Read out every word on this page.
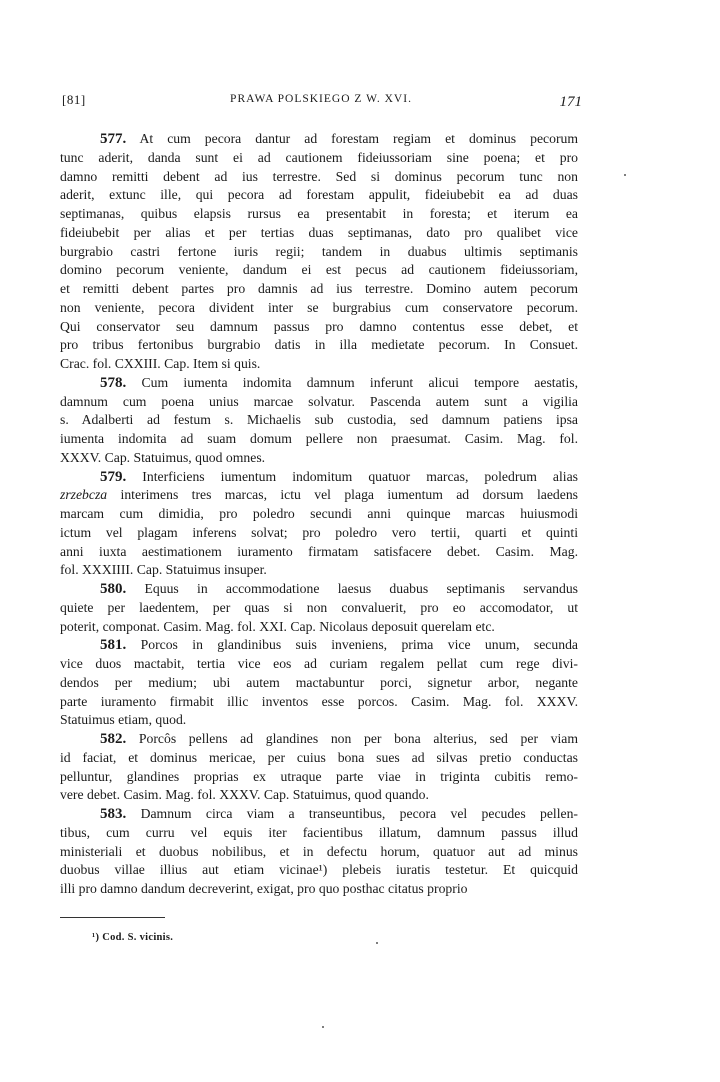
[81]	PRAWA POLSKIEGO Z W. XVI.	171
577. At cum pecora dantur ad forestam regiam et dominus pecorum
tunc aderit, danda sunt ei ad cautionem fideiussoriam sine poena; et pro
damno remitti debent ad ius terrestre. Sed si dominus pecorum tunc non
aderit, extunc ille, qui pecora ad forestam appulit, fideiubebit ea ad duas
septimanas, quibus elapsis rursus ea presentabit in foresta; et iterum ea
fideiubebit per alias et per tertias duas septimanas, dato pro qualibet vice
burgrabio castri fertone iuris regii; tandem in duabus ultimis septimanis
domino pecorum veniente, dandum ei est pecus ad cautionem fideiussoriam,
et remitti debent partes pro damnis ad ius terrestre. Domino autem pecorum
non veniente, pecora divident inter se burgrabius cum conservatore pecorum.
Qui conservator seu damnum passus pro damno contentus esse debet, et
pro tribus fertonibus burgrabio datis in illa medietate pecorum. In Consuet.
Crac. fol. CXXIII. Cap. Item si quis.
578. Cum iumenta indomita damnum inferunt alicui tempore aestatis,
damnum cum poena unius marcae solvatur. Pascenda autem sunt a vigilia
s. Adalberti ad festum s. Michaelis sub custodia, sed damnum patiens ipsa
iumenta indomita ad suam domum pellere non praesumat. Casim. Mag. fol.
XXXV. Cap. Statuimus, quod omnes.
579. Interficiens iumentum indomitum quatuor marcas, poledrum alias
zrzebcza interimens tres marcas, ictu vel plaga iumentum ad dorsum laedens
marcam cum dimidia, pro poledro secundi anni quinque marcas huiusmodi
ictum vel plagam inferens solvat; pro poledro vero tertii, quarti et quinti
anni iuxta aestimationem iuramento firmatam satisfacere debet. Casim. Mag.
fol. XXXIIII. Cap. Statuimus insuper.
580. Equus in accommodatione laesus duabus septimanis servandus
quiete per laedentem, per quas si non convaluerit, pro eo accomodator, ut
poterit, componat. Casim. Mag. fol. XXI. Cap. Nicolaus deposuit querelam etc.
581. Porcos in glandinibus suis inveniens, prima vice unum, secunda
vice duos mactabit, tertia vice eos ad curiam regalem pellat cum rege divi-
dendos per medium; ubi autem mactabuntur porci, signetur arbor, negante
parte iuramento firmabit illic inventos esse porcos. Casim. Mag. fol. XXXV.
Statuimus etiam, quod.
582. Porcôs pellens ad glandines non per bona alterius, sed per viam
id faciat, et dominus mericae, per cuius bona sues ad silvas pretio conductas
pelluntur, glandines proprias ex utraque parte viae in triginta cubitis remo-
vere debet. Casim. Mag. fol. XXXV. Cap. Statuimus, quod quando.
583. Damnum circa viam a transeuntibus, pecora vel pecudes pellen-
tibus, cum curru vel equis iter facientibus illatum, damnum passus illud
ministeriali et duobus nobilibus, et in defectu horum, quatuor aut ad minus
duobus villae illius aut etiam vicinae¹) plebeis iuratis testetur. Et quicquid
illi pro damno dandum decreverint, exigat, pro quo posthac citatus proprio
¹) Cod. S. vicinis.
